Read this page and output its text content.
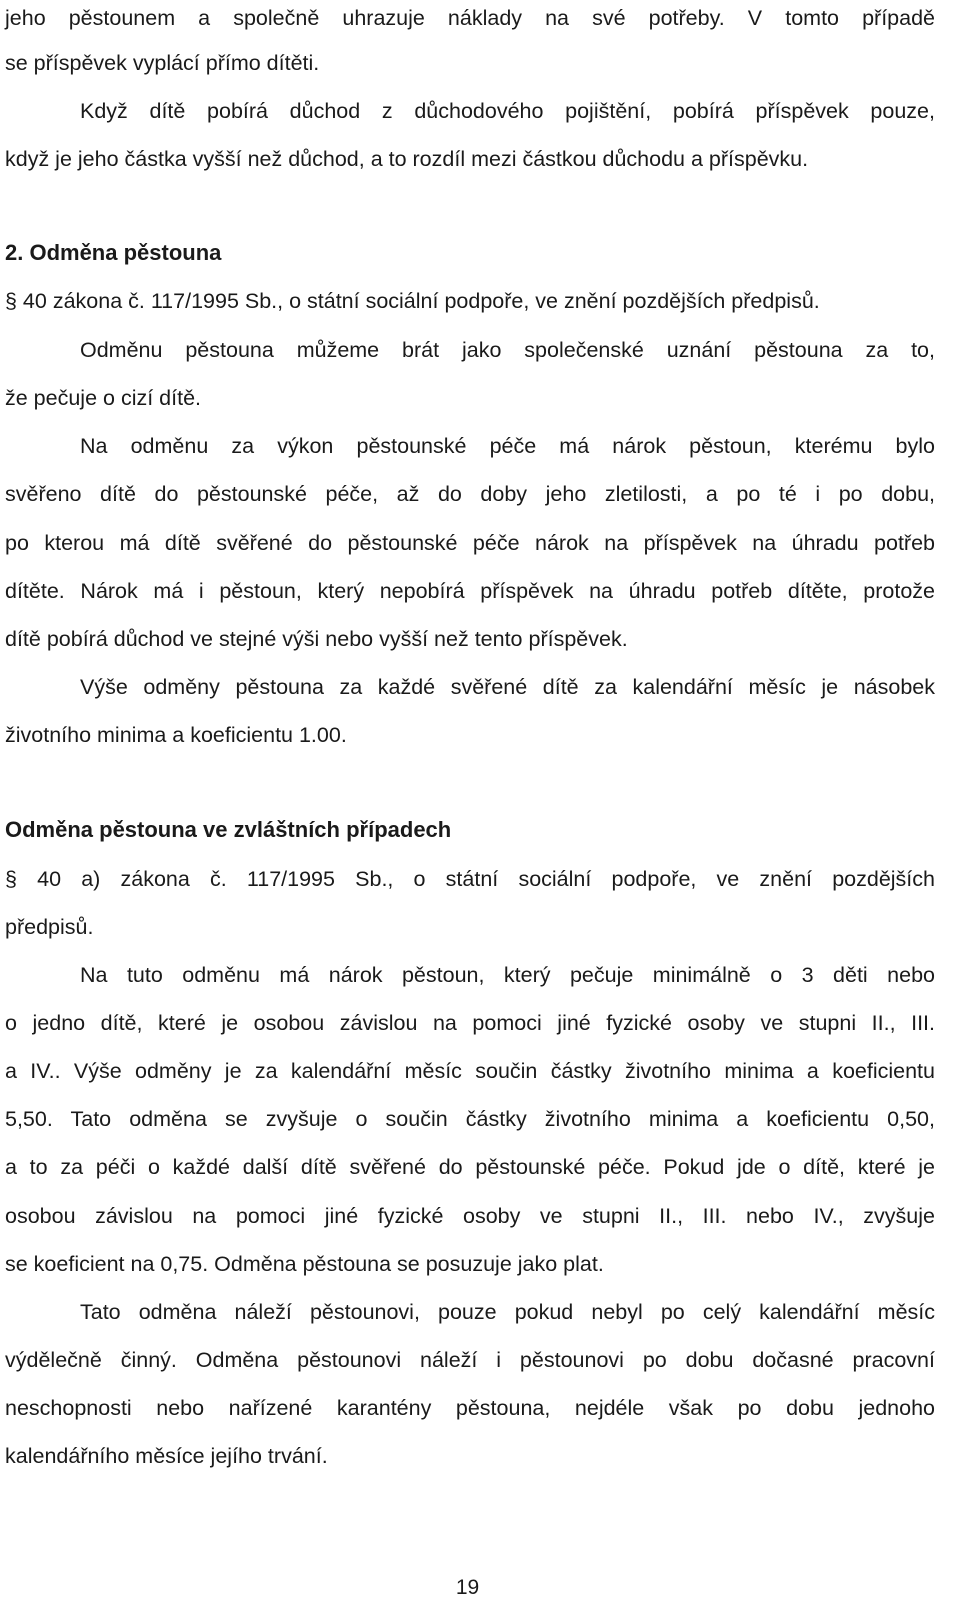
jeho pěstounem a společně uhrazuje náklady na své potřeby. V tomto případě
se příspěvek vyplácí přímo dítěti.
Když dítě pobírá důchod z důchodového pojištění, pobírá příspěvek pouze,
když je jeho částka vyšší než důchod, a to rozdíl mezi částkou důchodu a příspěvku.
2. Odměna pěstouna
§ 40 zákona č. 117/1995 Sb., o státní sociální podpoře, ve znění pozdějších předpisů.
Odměnu pěstouna můžeme brát jako společenské uznání pěstouna za to,
že pečuje o cizí dítě.
Na odměnu za výkon pěstounské péče má nárok pěstoun, kterému bylo
svěřeno dítě do pěstounské péče, až do doby jeho zletilosti, a po té i po dobu,
po kterou má dítě svěřené do pěstounské péče nárok na příspěvek na úhradu potřeb
dítěte. Nárok má i pěstoun, který nepobírá příspěvek na úhradu potřeb dítěte, protože
dítě pobírá důchod ve stejné výši nebo vyšší než tento příspěvek.
Výše odměny pěstouna za každé svěřené dítě za kalendářní měsíc je násobek
životního minima a koeficientu 1.00.
Odměna pěstouna ve zvláštních případech
§ 40 a) zákona č. 117/1995 Sb., o státní sociální podpoře, ve znění pozdějších
předpisů.
Na tuto odměnu má nárok pěstoun, který pečuje minimálně o 3 děti nebo
o jedno dítě, které je osobou závislou na pomoci jiné fyzické osoby ve stupni II., III.
a IV.. Výše odměny je za kalendářní měsíc součin částky životního minima a koeficientu
5,50. Tato odměna se zvyšuje o součin částky životního minima a koeficientu 0,50,
a to za péči o každé další dítě svěřené do pěstounské péče. Pokud jde o dítě, které je
osobou závislou na pomoci jiné fyzické osoby ve stupni II., III. nebo IV., zvyšuje
se koeficient na 0,75. Odměna pěstouna se posuzuje jako plat.
Tato odměna náleží pěstounovi, pouze pokud nebyl po celý kalendářní měsíc
výdělečně činný. Odměna pěstounovi náleží i pěstounovi po dobu dočasné pracovní
neschopnosti nebo nařízené karantény pěstouna, nejdéle však po dobu jednoho
kalendářního měsíce jejího trvání.
19
